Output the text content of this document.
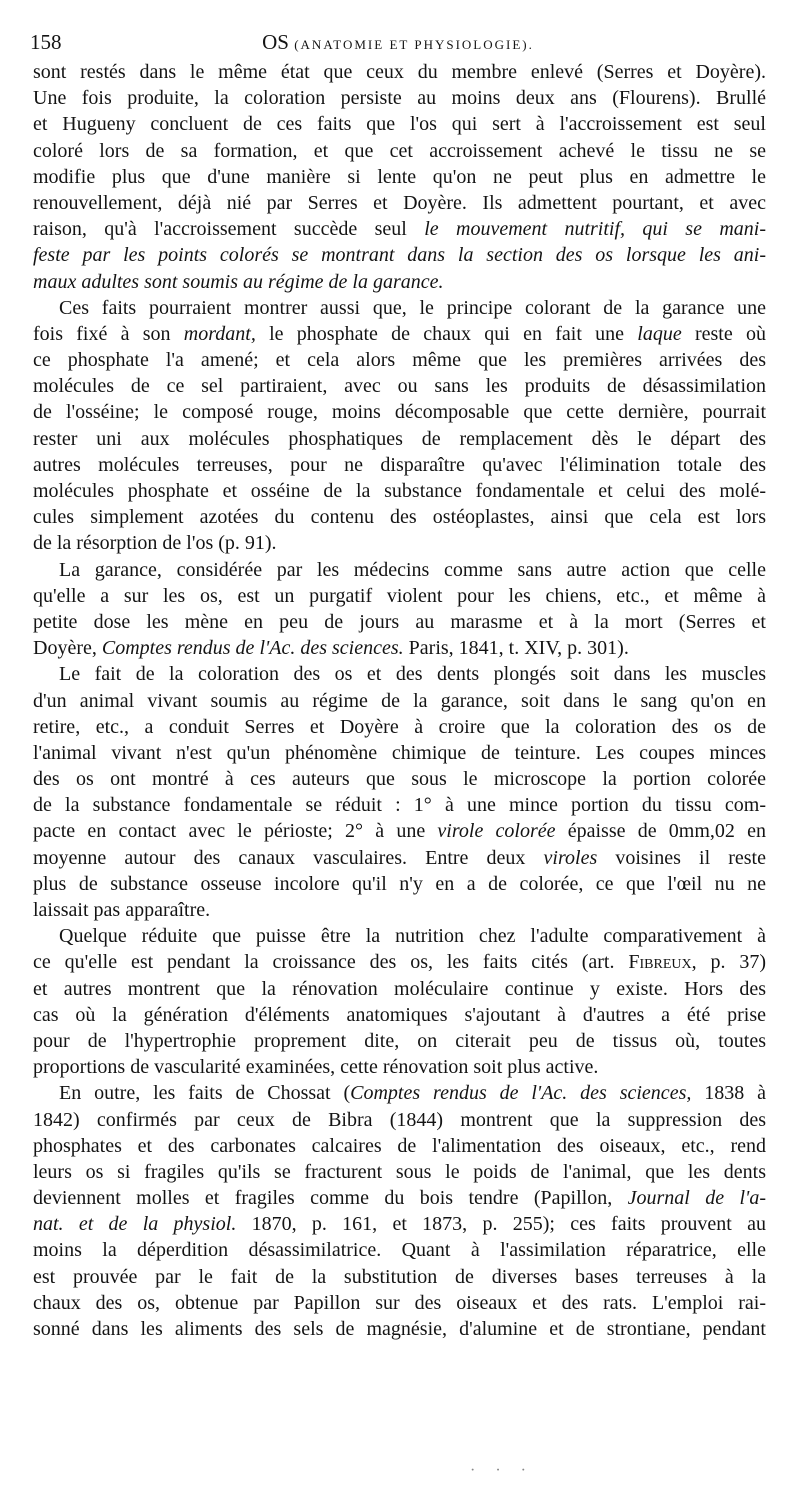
158	OS (ANATOMIE ET PHYSIOLOGIE).
sont restés dans le même état que ceux du membre enlevé (Serres et Doyère).
Une fois produite, la coloration persiste au moins deux ans (Flourens). Brullé
et Hugueny concluent de ces faits que l'os qui sert à l'accroissement est seul
coloré lors de sa formation, et que cet accroissement achevé le tissu ne se
modifie plus que d'une manière si lente qu'on ne peut plus en admettre le
renouvellement, déjà nié par Serres et Doyère. Ils admettent pourtant, et avec
raison, qu'à l'accroissement succède seul le mouvement nutritif, qui se mani-
feste par les points colorés se montrant dans la section des os lorsque les ani-
maux adultes sont soumis au régime de la garance.
Ces faits pourraient montrer aussi que, le principe colorant de la garance une
fois fixé à son mordant, le phosphate de chaux qui en fait une laque reste où
ce phosphate l'a amené; et cela alors même que les premières arrivées des
molécules de ce sel partiraient, avec ou sans les produits de désassimilation
de l'osséine; le composé rouge, moins décomposable que cette dernière, pourrait
rester uni aux molécules phosphatiques de remplacement dès le départ des
autres molécules terreuses, pour ne disparaître qu'avec l'élimination totale des
molécules phosphate et osséine de la substance fondamentale et celui des molé-
cules simplement azotées du contenu des ostéoplastes, ainsi que cela est lors
de la résorption de l'os (p. 91).
La garance, considérée par les médecins comme sans autre action que celle
qu'elle a sur les os, est un purgatif violent pour les chiens, etc., et même à
petite dose les mène en peu de jours au marasme et à la mort (Serres et
Doyère, Comptes rendus de l'Ac. des sciences. Paris, 1841, t. XIV, p. 301).
Le fait de la coloration des os et des dents plongés soit dans les muscles
d'un animal vivant soumis au régime de la garance, soit dans le sang qu'on en
retire, etc., a conduit Serres et Doyère à croire que la coloration des os de
l'animal vivant n'est qu'un phénomène chimique de teinture. Les coupes minces
des os ont montré à ces auteurs que sous le microscope la portion colorée
de la substance fondamentale se réduit : 1° à une mince portion du tissu com-
pacte en contact avec le périoste; 2° à une virole colorée épaisse de 0mm,02 en
moyenne autour des canaux vasculaires. Entre deux viroles voisines il reste
plus de substance osseuse incolore qu'il n'y en a de colorée, ce que l'œil nu ne
laissait pas apparaître.
Quelque réduite que puisse être la nutrition chez l'adulte comparativement à
ce qu'elle est pendant la croissance des os, les faits cités (art. Fibreux, p. 37)
et autres montrent que la rénovation moléculaire continue y existe. Hors des
cas où la génération d'éléments anatomiques s'ajoutant à d'autres a été prise
pour de l'hypertrophie proprement dite, on citerait peu de tissus où, toutes
proportions de vascularité examinées, cette rénovation soit plus active.
En outre, les faits de Chossat (Comptes rendus de l'Ac. des sciences, 1838 à
1842) confirmés par ceux de Bibra (1844) montrent que la suppression des
phosphates et des carbonates calcaires de l'alimentation des oiseaux, etc., rend
leurs os si fragiles qu'ils se fracturent sous le poids de l'animal, que les dents
deviennent molles et fragiles comme du bois tendre (Papillon, Journal de l'a-
nat. et de la physiol. 1870, p. 161, et 1873, p. 255); ces faits prouvent au
moins la déperdition désassimilatrice. Quant à l'assimilation réparatrice, elle
est prouvée par le fait de la substitution de diverses bases terreuses à la
chaux des os, obtenue par Papillon sur des oiseaux et des rats. L'emploi rai-
sonné dans les aliments des sels de magnésie, d'alumine et de strontiane, pendant
· · ·
